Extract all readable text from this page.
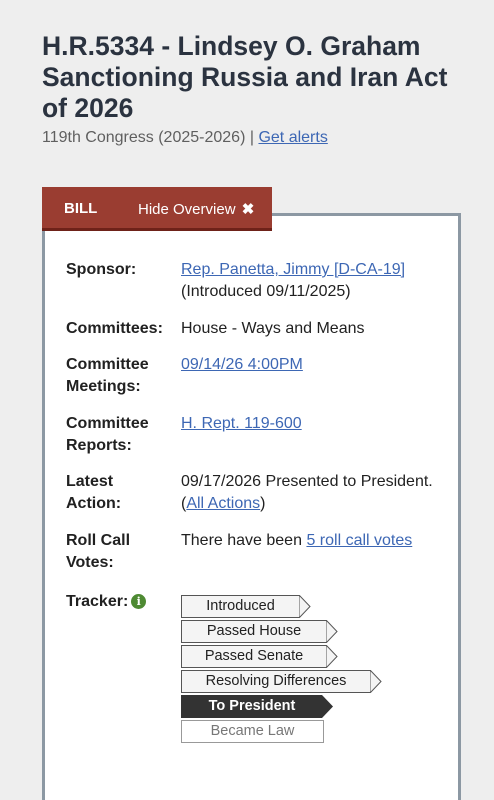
H.R.5334 - Lindsey O. Graham Sanctioning Russia and Iran Act of 2026
119th Congress (2025-2026) | Get alerts
BILL	Hide Overview ✖
Sponsor:	Rep. Panetta, Jimmy [D-CA-19]
(Introduced 09/11/2025)
Committees:	House - Ways and Means
Committee
Meetings:
09/14/26 4:00PM
Committee
Reports:
H. Rept. 119-600
Latest
Action:
09/17/2026 Presented to President.  (All Actions)
Roll Call
Votes:
There have been 5 roll call votes
Tracker: i	Introduced
Passed House
Passed Senate
Resolving Differences
To President
Became Law
